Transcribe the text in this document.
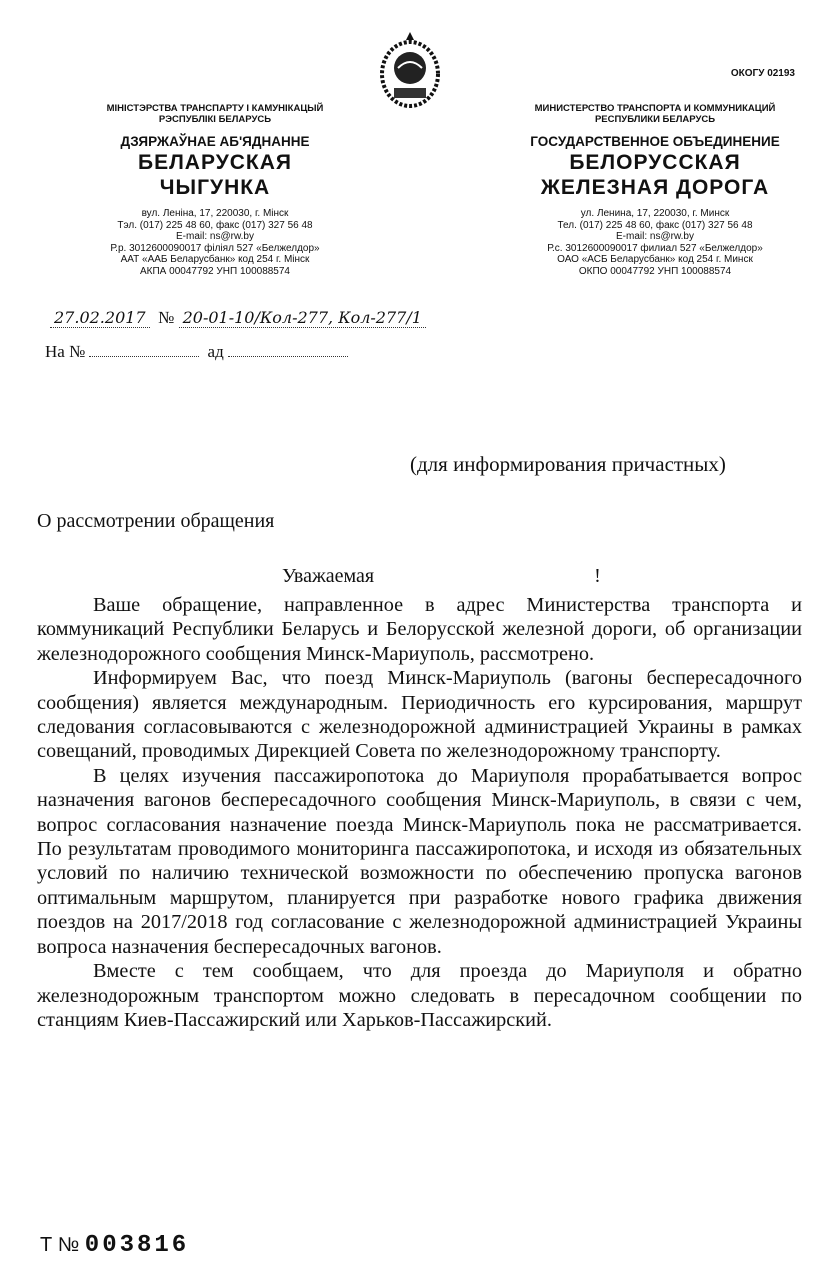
ОКОГУ 02193
МІНІСТЭРСТВА ТРАНСПАРТУ І КАМУНІКАЦЫЙ
РЭСПУБЛІКІ БЕЛАРУСЬ
ДЗЯРЖАЎНАЕ АБ'ЯДНАННЕ
БЕЛАРУСКАЯ
ЧЫГУНКА
вул. Леніна, 17, 220030, г. Мінск
Тэл. (017) 225 48 60, факс (017) 327 56 48
E-mail: ns@rw.by
Р.р. 3012600090017 філіял 527 «Белжелдор»
ААТ «ААБ Беларусбанк» код 254 г. Мінск
АКПА 00047792 УНП 100088574
МИНИСТЕРСТВО ТРАНСПОРТА И КОММУНИКАЦИЙ
РЕСПУБЛИКИ БЕЛАРУСЬ
ГОСУДАРСТВЕННОЕ ОБЪЕДИНЕНИЕ
БЕЛОРУССКАЯ
ЖЕЛЕЗНАЯ ДОРОГА
ул. Ленина, 17, 220030, г. Минск
Тел. (017) 225 48 60, факс (017) 327 56 48
E-mail: ns@rw.by
Р.с. 3012600090017 филиал 527 «Белжелдор»
ОАО «АСБ Беларусбанк» код 254 г. Минск
ОКПО 00047792 УНП 100088574
27.02.2017 № 20-01-10/Кол-277, Кол-277/1
На №	ад
(для информирования причастных)
О рассмотрении обращения
Уважаемая	!

Ваше обращение, направленное в адрес Министерства транспорта и коммуникаций Республики Беларусь и Белорусской железной дороги, об организации железнодорожного сообщения Минск-Мариуполь, рассмотрено.

Информируем Вас, что поезд Минск-Мариуполь (вагоны беспересадочного сообщения) является международным. Периодичность его курсирования, маршрут следования согласовываются с железнодорожной администрацией Украины в рамках совещаний, проводимых Дирекцией Совета по железнодорожному транспорту.

В целях изучения пассажиропотока до Мариуполя прорабатывается вопрос назначения вагонов беспересадочного сообщения Минск-Мариуполь, в связи с чем, вопрос согласования назначение поезда Минск-Мариуполь пока не рассматривается. По результатам проводимого мониторинга пассажиропотока, и исходя из обязательных условий по наличию технической возможности по обеспечению пропуска вагонов оптимальным маршрутом, планируется при разработке нового графика движения поездов на 2017/2018 год согласование с железнодорожной администрацией Украины вопроса назначения беспересадочных вагонов.

Вместе с тем сообщаем, что для проезда до Мариуполя и обратно железнодорожным транспортом можно следовать в пересадочном сообщении по станциям Киев-Пассажирский или Харьков-Пассажирский.

Т № 003816
